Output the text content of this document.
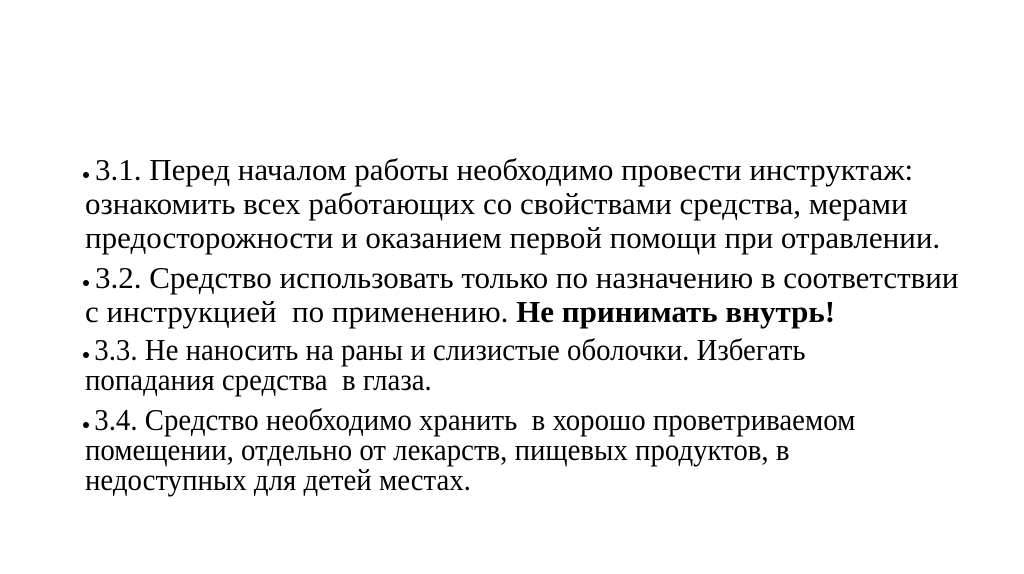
3.1. Перед началом работы необходимо провести инструктаж:
ознакомить всех работающих со свойствами средства, мерами
предосторожности и оказанием первой помощи при отравлении.
3.2. Средство использовать только по назначению в соответствии
с инструкцией  по применению. Не принимать внутрь!
3.3. Не наносить на раны и слизистые оболочки. Избегать
попадания средства  в глаза.
3.4. Средство необходимо хранить  в хорошо проветриваемом
помещении, отдельно от лекарств, пищевых продуктов, в
недоступных для детей местах.
